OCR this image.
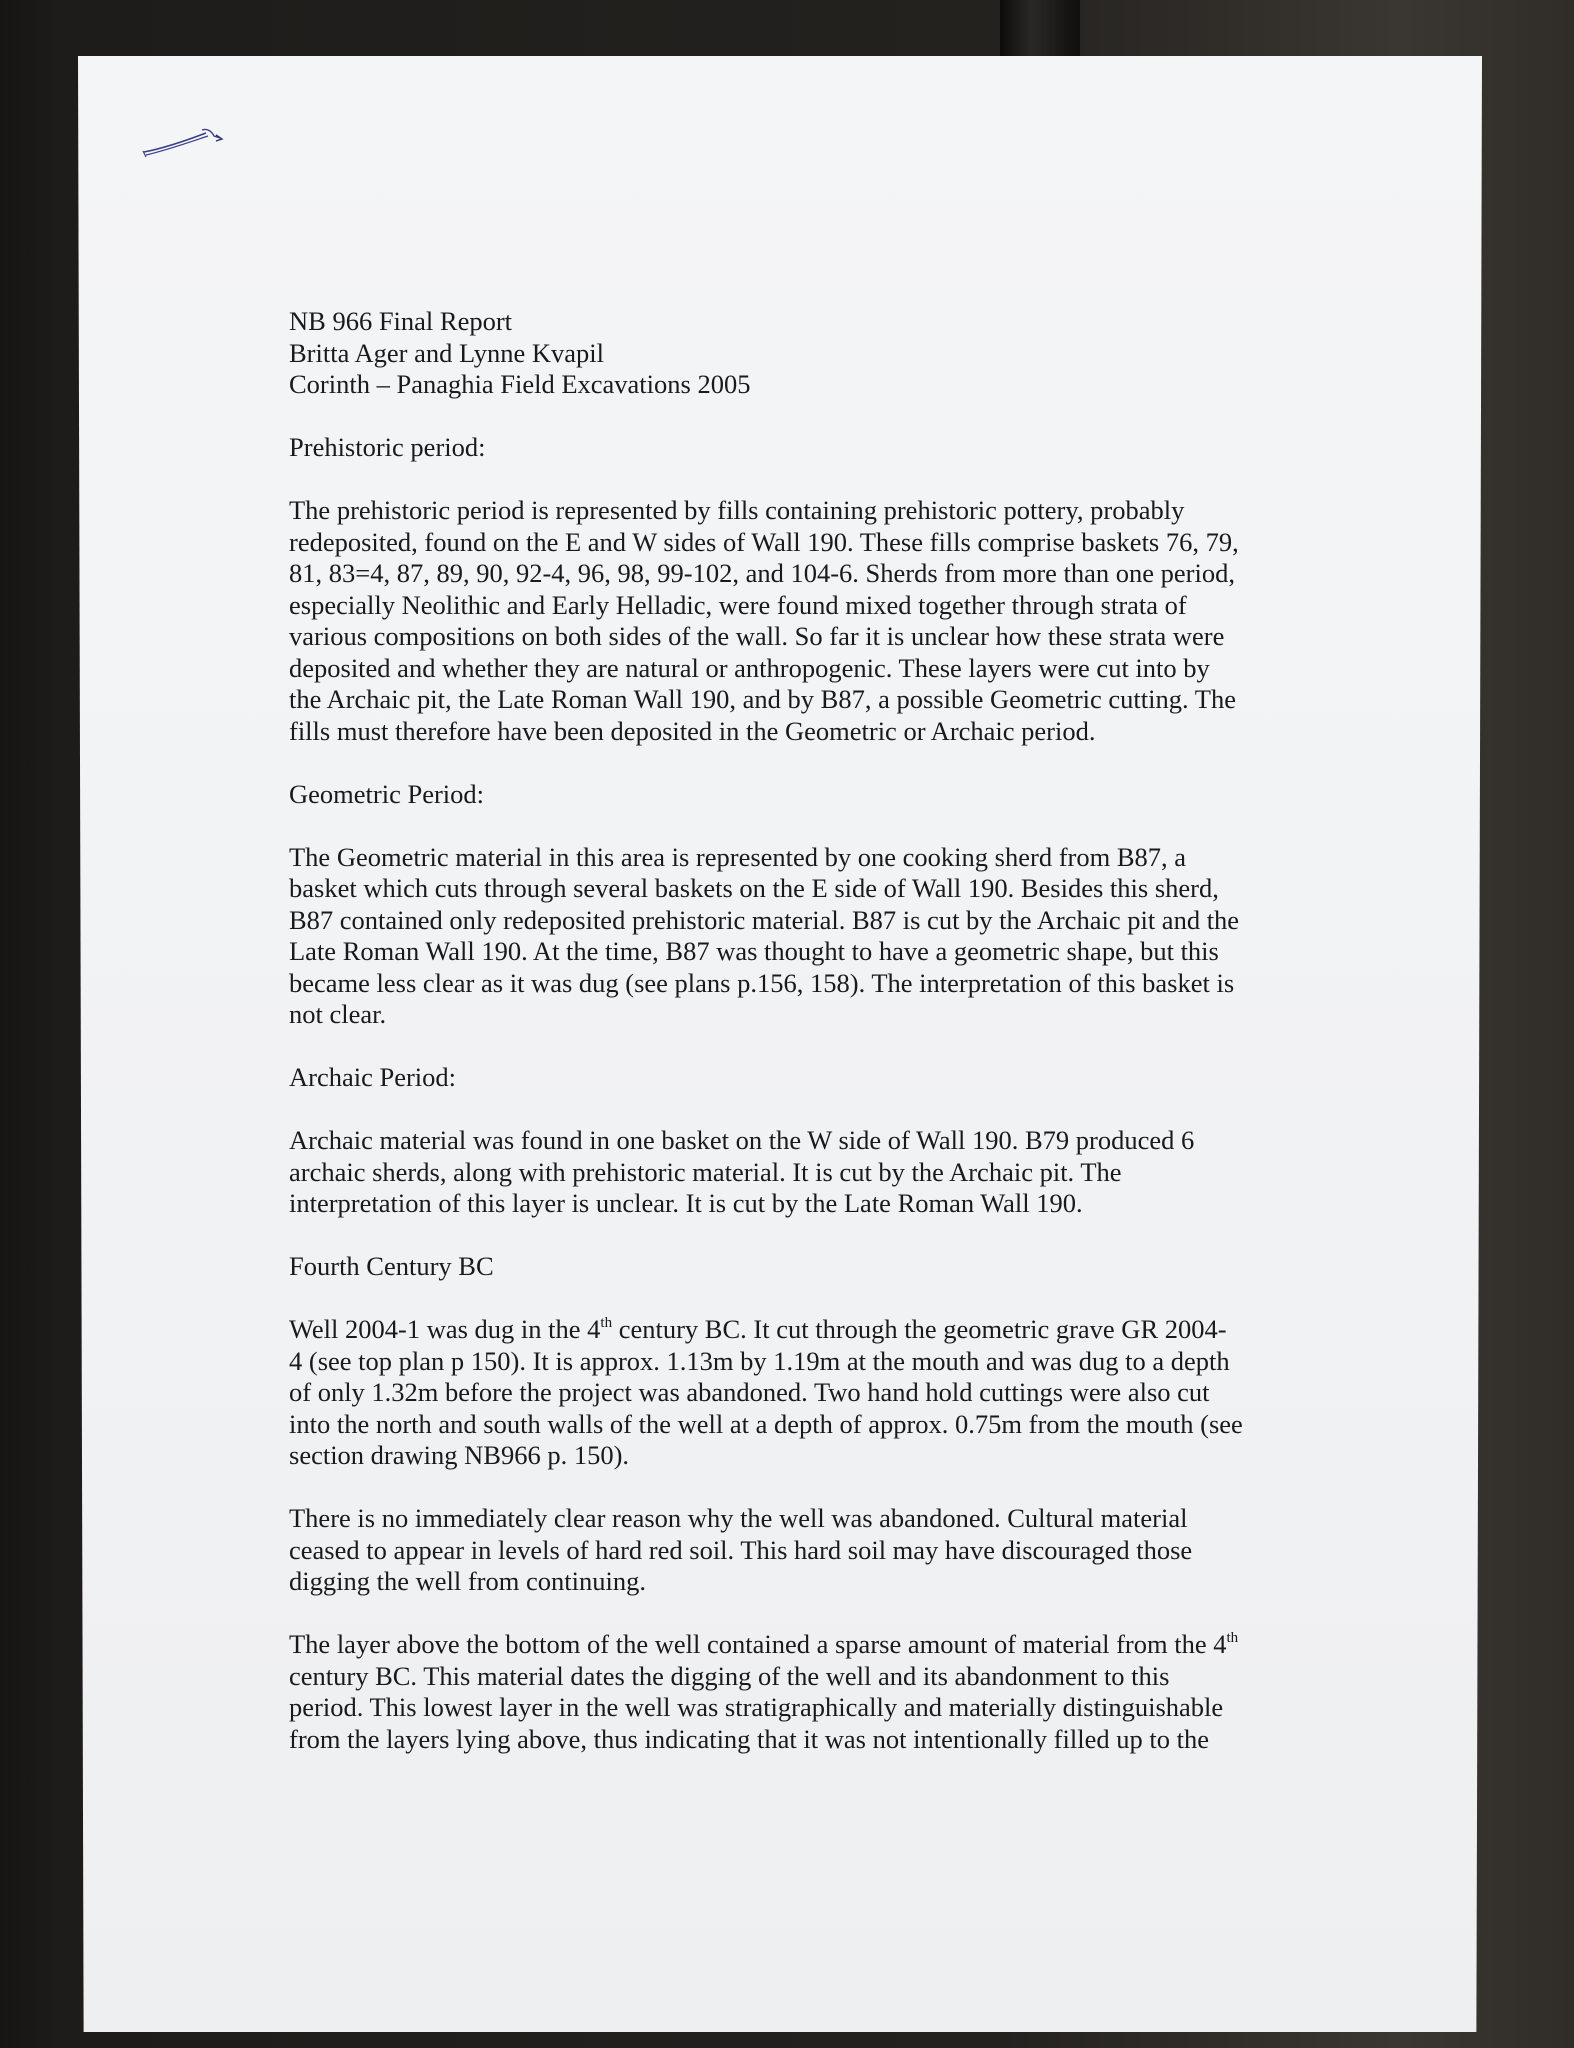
NB 966 Final Report
Britta Ager and Lynne Kvapil
Corinth – Panaghia Field Excavations 2005
Prehistoric period:
The prehistoric period is represented by fills containing prehistoric pottery, probably
redeposited, found on the E and W sides of Wall 190. These fills comprise baskets 76, 79,
81, 83=4, 87, 89, 90, 92-4, 96, 98, 99-102, and 104-6. Sherds from more than one period,
especially Neolithic and Early Helladic, were found mixed together through strata of
various compositions on both sides of the wall. So far it is unclear how these strata were
deposited and whether they are natural or anthropogenic. These layers were cut into by
the Archaic pit, the Late Roman Wall 190, and by B87, a possible Geometric cutting. The
fills must therefore have been deposited in the Geometric or Archaic period.
Geometric Period:
The Geometric material in this area is represented by one cooking sherd from B87, a
basket which cuts through several baskets on the E side of Wall 190. Besides this sherd,
B87 contained only redeposited prehistoric material. B87 is cut by the Archaic pit and the
Late Roman Wall 190. At the time, B87 was thought to have a geometric shape, but this
became less clear as it was dug (see plans p.156, 158). The interpretation of this basket is
not clear.
Archaic Period:
Archaic material was found in one basket on the W side of Wall 190. B79 produced 6
archaic sherds, along with prehistoric material. It is cut by the Archaic pit. The
interpretation of this layer is unclear. It is cut by the Late Roman Wall 190.
Fourth Century BC
Well 2004-1 was dug in the 4th century BC. It cut through the geometric grave GR 2004-
4 (see top plan p 150). It is approx. 1.13m by 1.19m at the mouth and was dug to a depth
of only 1.32m before the project was abandoned. Two hand hold cuttings were also cut
into the north and south walls of the well at a depth of approx. 0.75m from the mouth (see
section drawing NB966 p. 150).
There is no immediately clear reason why the well was abandoned. Cultural material
ceased to appear in levels of hard red soil. This hard soil may have discouraged those
digging the well from continuing.
The layer above the bottom of the well contained a sparse amount of material from the 4th
century BC. This material dates the digging of the well and its abandonment to this
period. This lowest layer in the well was stratigraphically and materially distinguishable
from the layers lying above, thus indicating that it was not intentionally filled up to the
